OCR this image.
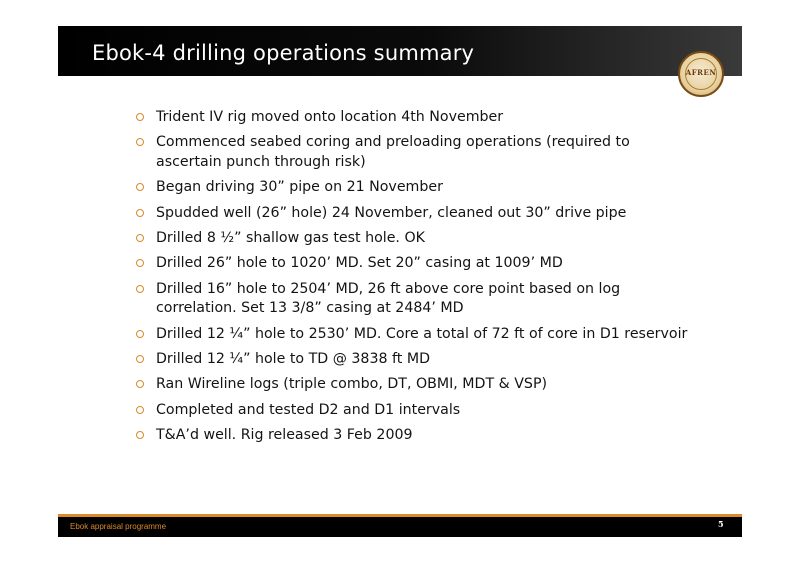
Ebok-4 drilling operations summary
AFREN
Trident IV rig moved onto location 4th November
Commenced seabed coring and preloading operations (required to ascertain punch through risk)
Began driving 30” pipe on 21 November
Spudded well (26” hole) 24 November, cleaned out 30” drive pipe
Drilled 8 ½” shallow gas test hole. OK
Drilled 26” hole to 1020’ MD. Set 20” casing at 1009’ MD
Drilled 16” hole to 2504’ MD, 26 ft above core point based on log correlation. Set 13 3/8” casing at 2484’ MD
Drilled 12 ¼” hole to 2530’ MD. Core a total of 72 ft of core in D1 reservoir
Drilled 12 ¼” hole to TD @ 3838 ft MD
Ran Wireline logs (triple combo, DT, OBMI, MDT & VSP)
Completed and tested D2 and D1 intervals
T&A’d well. Rig released 3 Feb 2009
Ebok appraisal programme	5
